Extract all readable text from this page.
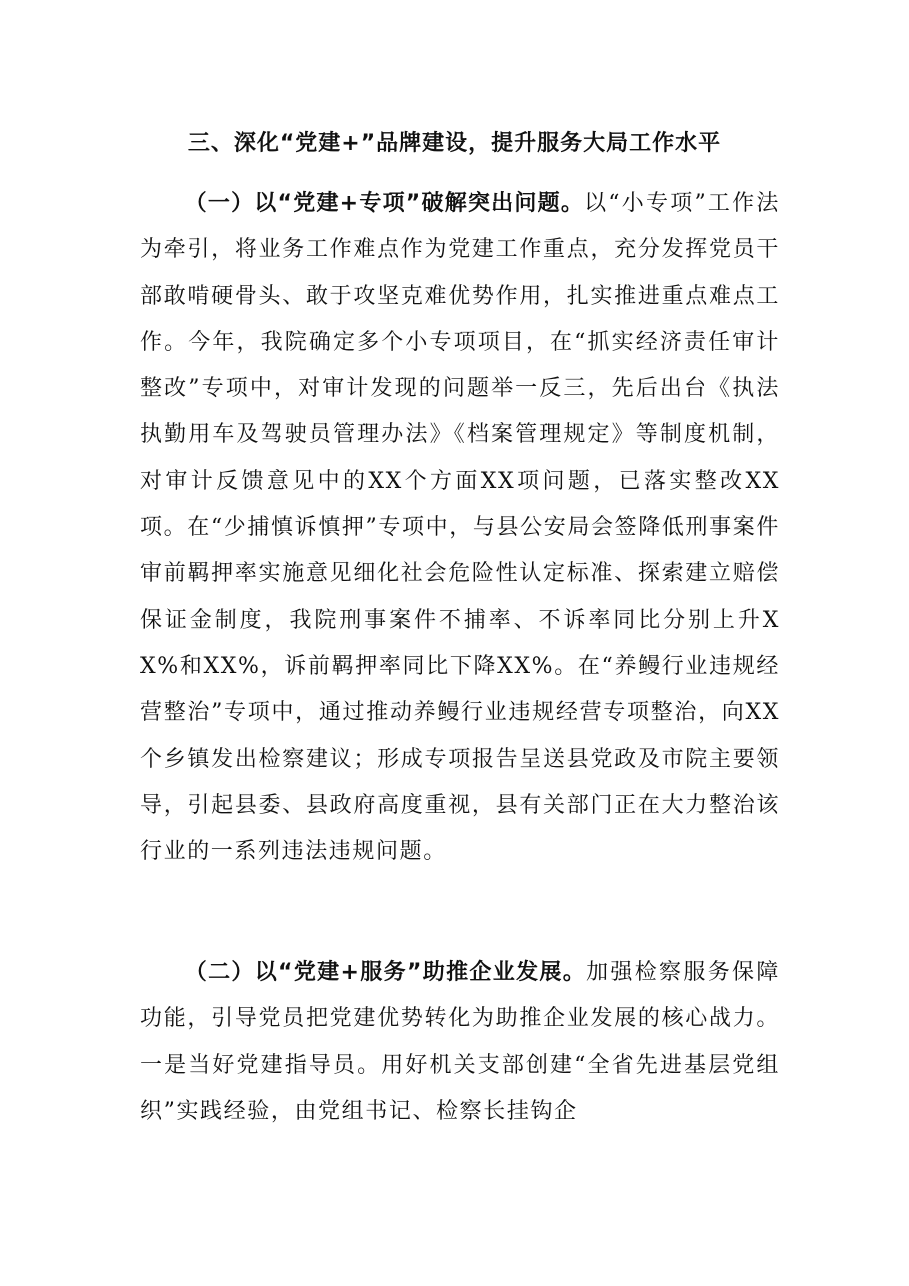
三、深化“党建+”品牌建设，提升服务大局工作水平

（一）以“党建+专项”破解突出问题。以“小专项”工作法为牵引，将业务工作难点作为党建工作重点，充分发挥党员干部敢啃硬骨头、敢于攻坚克难优势作用，扎实推进重点难点工作。今年，我院确定多个小专项项目，在“抓实经济责任审计整改”专项中，对审计发现的问题举一反三，先后出台《执法执勤用车及驾驶员管理办法》《档案管理规定》等制度机制，对审计反馈意见中的XX个方面XX项问题，已落实整改XX项。在“少捕慎诉慎押”专项中，与县公安局会签降低刑事案件审前羁押率实施意见细化社会危险性认定标准、探索建立赔偿保证金制度，我院刑事案件不捕率、不诉率同比分别上升XX%和XX%，诉前羁押率同比下降XX%。在“养鳗行业违规经营整治”专项中，通过推动养鳗行业违规经营专项整治，向XX个乡镇发出检察建议；形成专项报告呈送县党政及市院主要领导，引起县委、县政府高度重视，县有关部门正在大力整治该行业的一系列违法违规问题。

（二）以“党建+服务”助推企业发展。加强检察服务保障功能，引导党员把党建优势转化为助推企业发展的核心战力。一是当好党建指导员。用好机关支部创建“全省先进基层党组织”实践经验，由党组书记、检察长挂钩企
